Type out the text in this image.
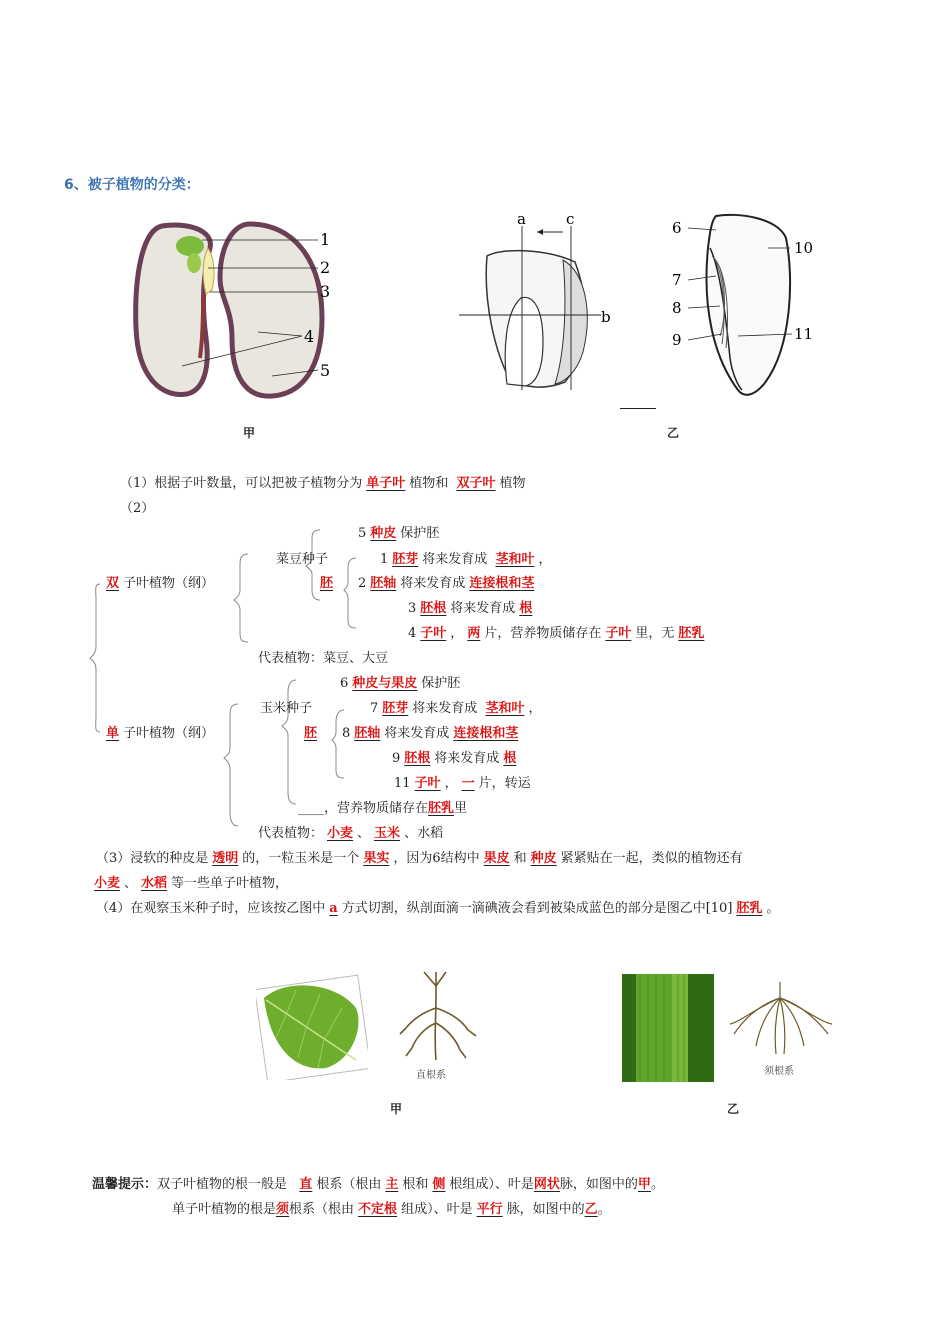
6、被子植物的分类：
1
2
3
4
5
甲
a	c
b
6
7
8
9
10
11
乙
（1）根据子叶数量，可以把被子植物分为 单子叶 植物和 双子叶 植物
（2）
双 子叶植物（纲）
菜豆种子
5 种皮 保护胚
1 胚芽 将来发育成 茎和叶 ，
胚	2 胚轴 将来发育成 连接根和茎
3 胚根 将来发育成 根
4 子叶 ， 两 片，营养物质储存在 子叶 里，无 胚乳
代表植物：菜豆、大豆
单 子叶植物（纲）
6 种皮与果皮 保护胚
玉米种子	7 胚芽 将来发育成 茎和叶 ，
胚	8 胚轴 将来发育成 连接根和茎
9 胚根 将来发育成 根
11 子叶 ， 一 片，转运
____，营养物质储存在胚乳里
代表植物： 小麦 、 玉米 、水稻
（3）浸软的种皮是 透明 的，一粒玉米是一个 果实 ，因为6结构中 果皮 和 种皮 紧紧贴在一起，类似的植物还有
小麦 、 水稻 等一些单子叶植物，
（4）在观察玉米种子时，应该按乙图中 a 方式切割，纵剖面滴一滴碘液会看到被染成蓝色的部分是图乙中[10] 胚乳 。
直根系	须根系
甲	乙
温馨提示：双子叶植物的根一般是 直 根系（根由 主 根和 侧 根组成）、叶是网状脉，如图中的甲。
单子叶植物的根是须根系（根由 不定根 组成）、叶是 平行 脉，如图中的乙。
